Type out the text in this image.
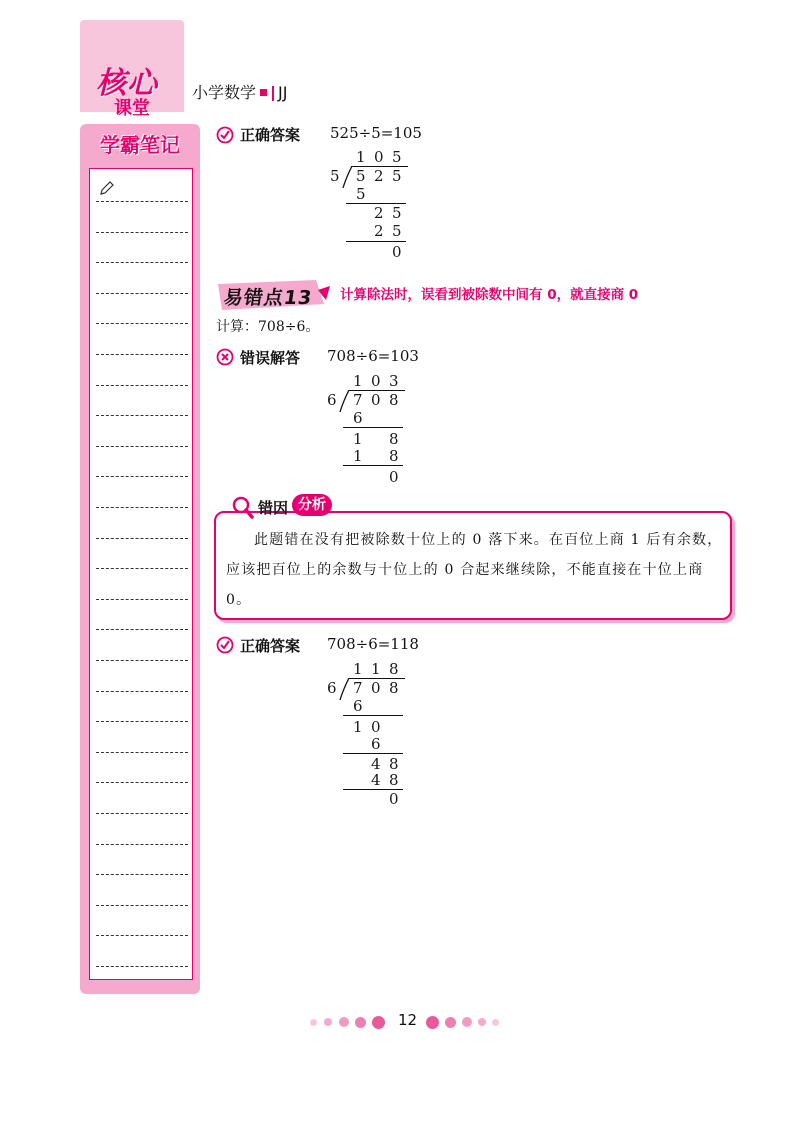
核心
课堂
小学数学 JJ
学霸笔记	正确答案 525÷5=105
1 0 5
5 5 2 5
5
2 5
2 5
0
易错点13 计算除法时，误看到被除数中间有 0，就直接商 0
计算：708÷6。
错误解答 708÷6=103
1 0 3
6 7 0 8
6
1 8
1 8
0
此题错在没有把被除数十位上的 0 落下来。在百位上商 1 后有余数，应该把百位上的余数与十位上的 0 合起来继续除，不能直接在十位上商 0。
错因 分析
正确答案 708÷6=118
1 1 8
6 7 0 8
6
1 0
6
4 8
4 8
0
12
